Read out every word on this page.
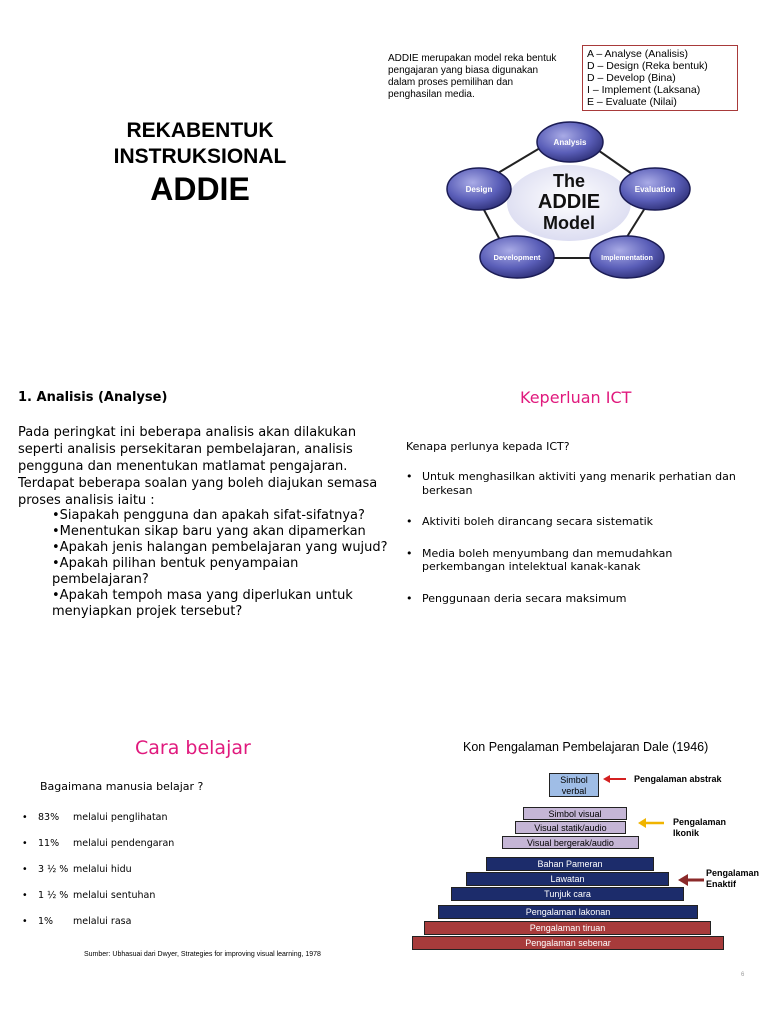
REKABENTUK
INSTRUKSIONAL
ADDIE
ADDIE merupakan model reka bentuk pengajaran yang biasa digunakan dalam proses pemilihan dan penghasilan media.
A – Analyse (Analisis)
D – Design (Reka bentuk)
D – Develop (Bina)
I – Implement (Laksana)
E – Evaluate (Nilai)
The
ADDIE
Model
Analysis
Evaluation
Implementation
Development
Design
1. Analisis (Analyse)
Pada peringkat ini beberapa analisis akan dilakukan seperti analisis persekitaran pembelajaran, analisis pengguna dan menentukan matlamat pengajaran. Terdapat beberapa soalan yang boleh diajukan semasa proses analisis iaitu :
• Siapakah pengguna dan apakah sifat-sifatnya?
• Menentukan sikap baru yang akan dipamerkan
• Apakah jenis halangan pembelajaran yang wujud?
• Apakah pilihan bentuk penyampaian pembelajaran?
• Apakah tempoh masa yang diperlukan untuk menyiapkan projek tersebut?
Keperluan ICT
Kenapa perlunya kepada ICT?
• Untuk menghasilkan aktiviti yang menarik perhatian dan berkesan
• Aktiviti boleh dirancang secara sistematik
• Media boleh menyumbang dan memudahkan perkembangan intelektual kanak-kanak
• Penggunaan deria secara maksimum
Cara belajar
Bagaimana manusia belajar ?
• 83% melalui penglihatan
• 11% melalui pendengaran
• 3 ½ % melalui hidu
• 1 ½ % melalui sentuhan
• 1% melalui rasa
Sumber: Ubhasuai dari Dwyer, Strategies for improving visual learning, 1978
Kon Pengalaman Pembelajaran Dale (1946)
Simbol verbal
Simbol visual
Visual statik/audio
Visual bergerak/audio
Bahan Pameran
Lawatan
Tunjuk cara
Pengalaman lakonan
Pengalaman tiruan
Pengalaman sebenar
Pengalaman abstrak
Pengalaman
Ikonik
Pengalaman
Enaktif
6
